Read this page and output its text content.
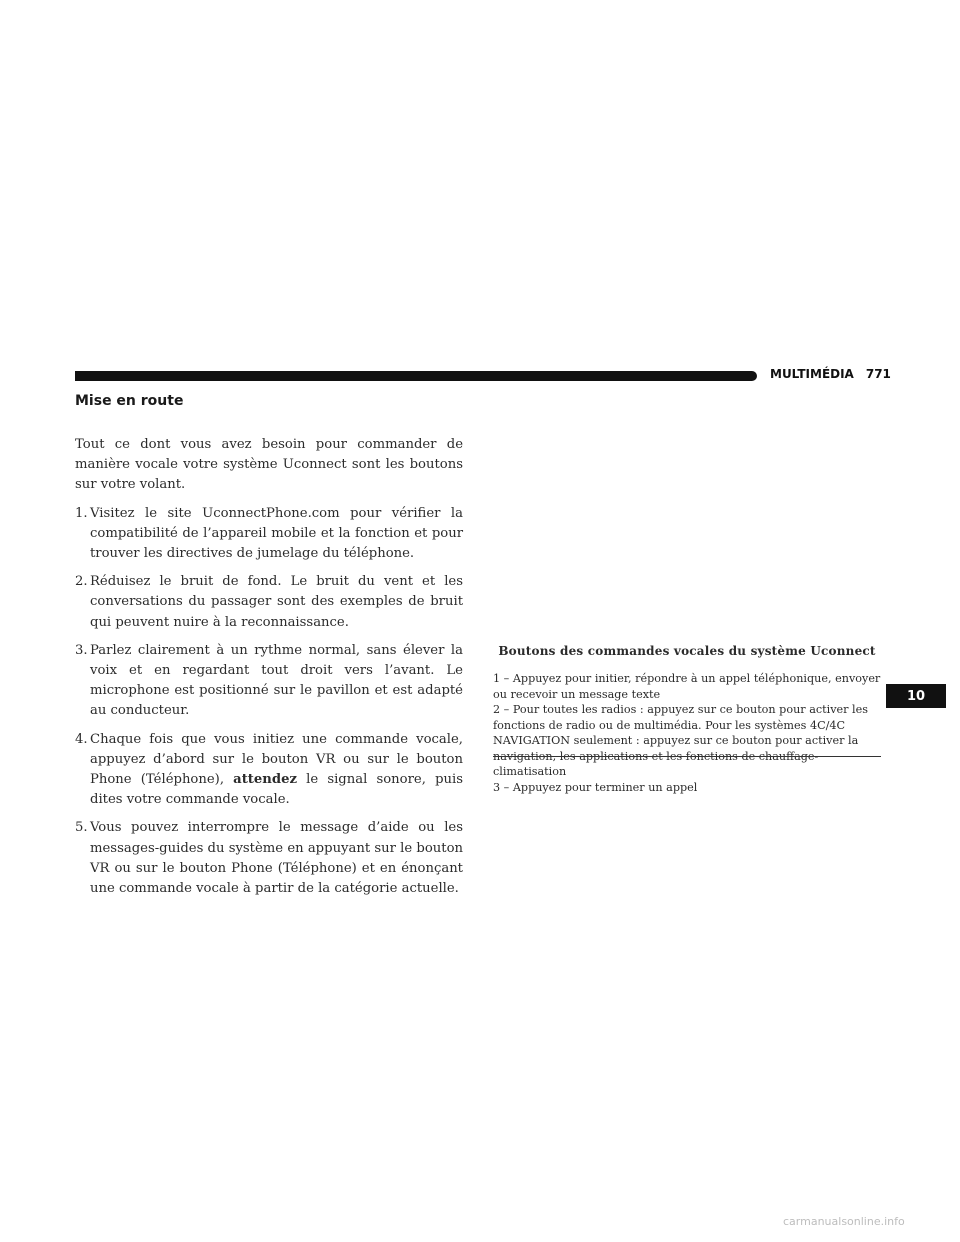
MULTIMÉDIA 771
Mise en route

Tout ce dont vous avez besoin pour commander de manière vocale votre système Uconnect sont les boutons sur votre volant.

1. Visitez le site UconnectPhone.com pour vérifier la compatibilité de l’appareil mobile et la fonction et pour trouver les directives de jumelage du téléphone.
2. Réduisez le bruit de fond. Le bruit du vent et les conversations du passager sont des exemples de bruit qui peuvent nuire à la reconnaissance.
3. Parlez clairement à un rythme normal, sans élever la voix et en regardant tout droit vers l’avant. Le microphone est positionné sur le pavillon et est adapté au conducteur.
4. Chaque fois que vous initiez une commande vocale, appuyez d’abord sur le bouton VR ou sur le bouton Phone (Téléphone), attendez le signal sonore, puis dites votre commande vocale.
5. Vous pouvez interrompre le message d’aide ou les messages-guides du système en appuyant sur le bouton VR ou sur le bouton Phone (Téléphone) et en énonçant une commande vocale à partir de la catégorie actuelle.
Boutons des commandes vocales du système Uconnect
1 – Appuyez pour initier, répondre à un appel téléphonique, envoyer ou recevoir un message texte
2 – Pour toutes les radios : appuyez sur ce bouton pour activer les fonctions de radio ou de multimédia. Pour les systèmes 4C/4C NAVIGATION seulement : appuyez sur ce bouton pour activer la navigation, les applications et les fonctions de chauffage-climatisation
3 – Appuyez pour terminer un appel
10
carmanualsonline.info
